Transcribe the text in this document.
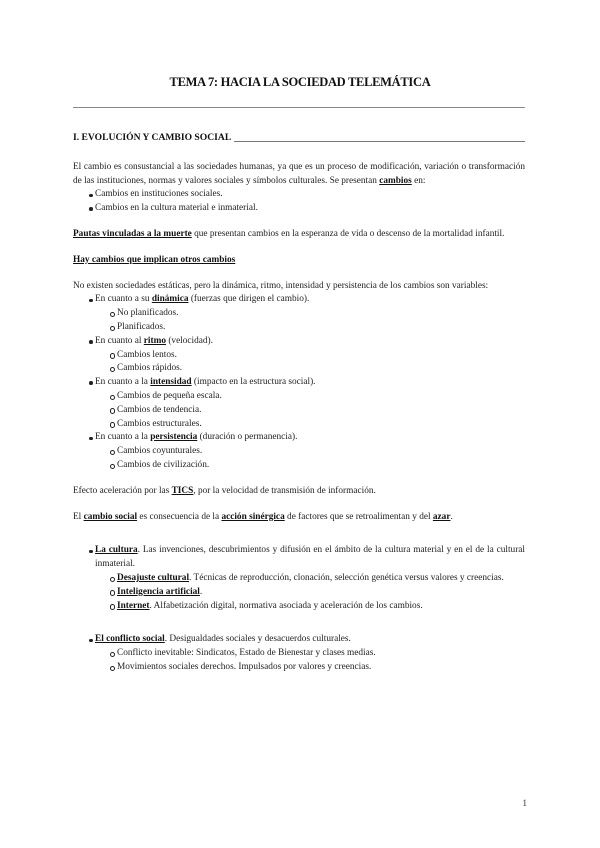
TEMA 7: HACIA LA SOCIEDAD TELEMÁTICA
I. EVOLUCIÓN Y CAMBIO SOCIAL
El cambio es consustancial a las sociedades humanas, ya que es un proceso de modificación, variación o transformación de las instituciones, normas y valores sociales y símbolos culturales. Se presentan cambios en:
Cambios en instituciones sociales.
Cambios en la cultura material e inmaterial.

Pautas vinculadas a la muerte que presentan cambios en la esperanza de vida o descenso de la mortalidad infantil.

Hay cambios que implican otros cambios
No existen sociedades estáticas, pero la dinámica, ritmo, intensidad y persistencia de los cambios son variables:
En cuanto a su dinámica (fuerzas que dirigen el cambio).
No planificados.
Planificados.
En cuanto al ritmo (velocidad).
Cambios lentos.
Cambios rápidos.
En cuanto a la intensidad (impacto en la estructura social).
Cambios de pequeña escala.
Cambios de tendencia.
Cambios estructurales.
En cuanto a la persistencia (duración o permanencia).
Cambios coyunturales.
Cambios de civilización.

Efecto aceleración por las TICS, por la velocidad de transmisión de información.

El cambio social es consecuencia de la acción sinérgica de factores que se retroalimentan y del azar.

La cultura. Las invenciones, descubrimientos y difusión en el ámbito de la cultura material y en el de la cultural inmaterial.
Desajuste cultural. Técnicas de reproducción, clonación, selección genética versus valores y creencias.
Inteligencia artificial.
Internet. Alfabetización digital, normativa asociada y aceleración de los cambios.
El conflicto social. Desigualdades sociales y desacuerdos culturales.
Conflicto inevitable: Sindicatos, Estado de Bienestar y clases medias.
Movimientos sociales derechos. Impulsados por valores y creencias.
1
